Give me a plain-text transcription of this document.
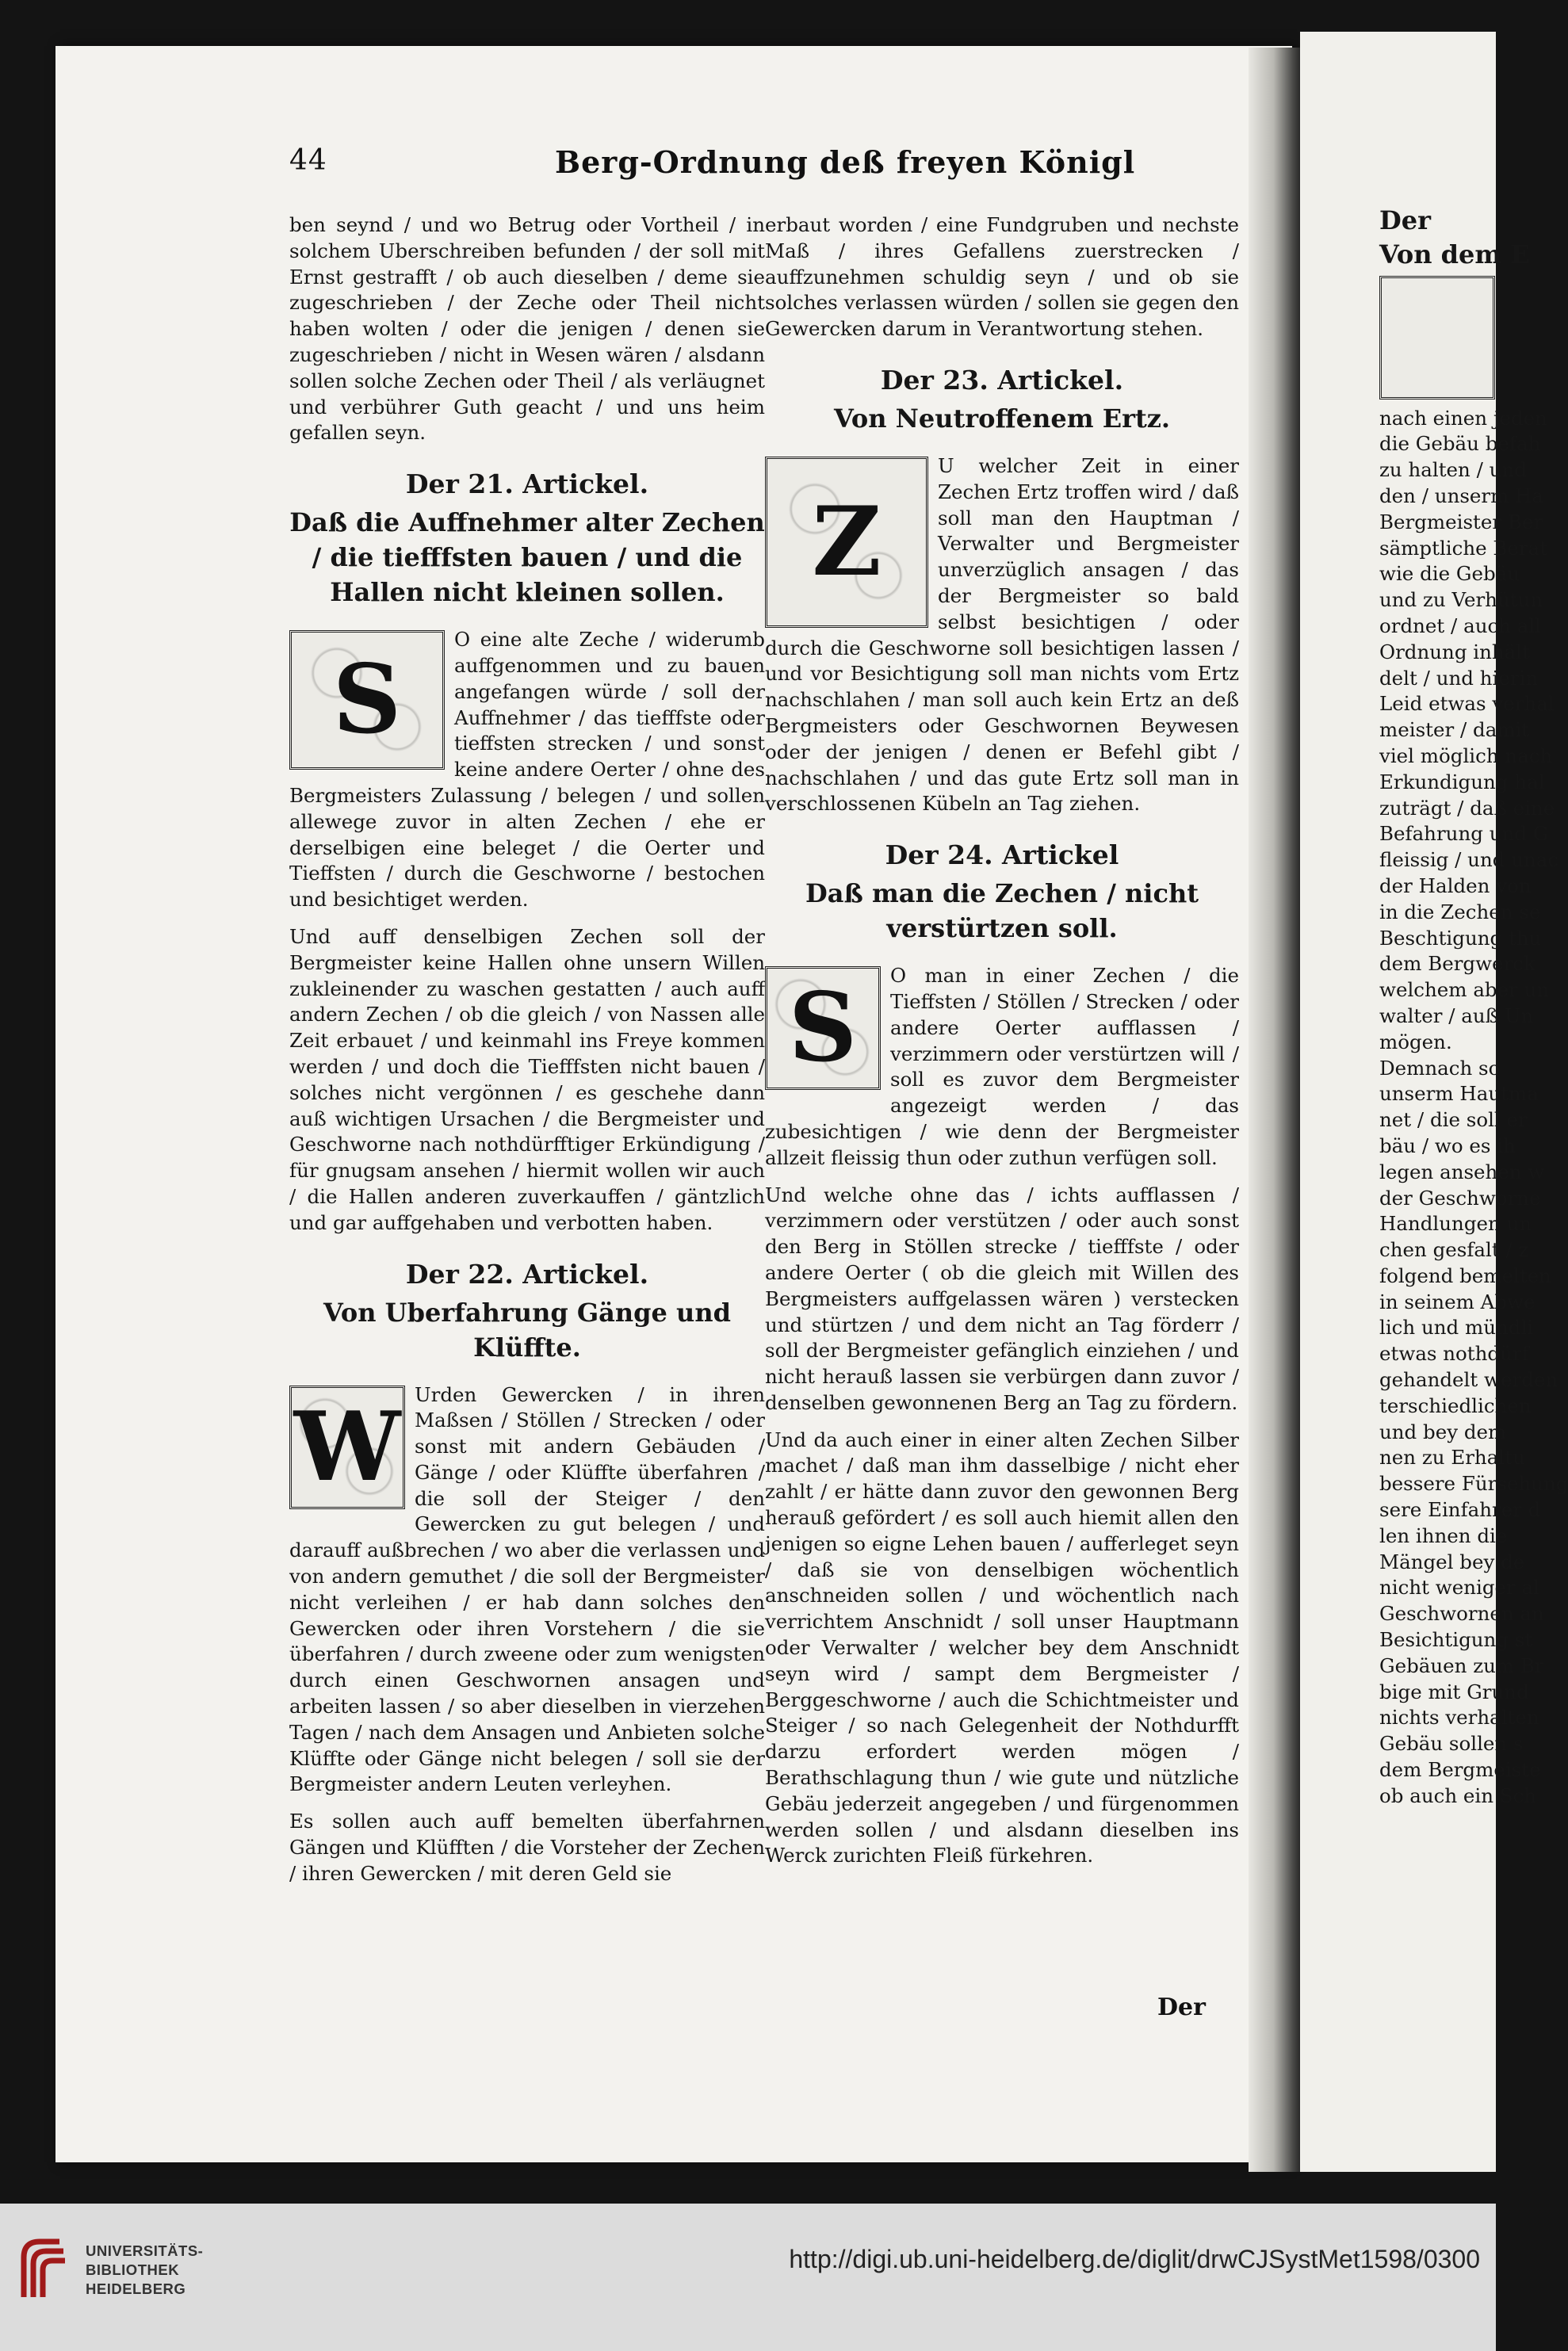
44	Berg-Ordnung deß freyen Königl

ben seynd / und wo Betrug oder Vortheil / in solchem Uberschreiben befunden / der soll mit Ernst gestrafft / ob auch dieselben / deme sie zugeschrieben / der Zeche oder Theil nicht haben wolten / oder die jenigen / denen sie zugeschrieben / nicht in Wesen wären / alsdann sollen solche Zechen oder Theil / als verläugnet und verbührer Guth geacht / und uns heim gefallen seyn.

Der 21. Artickel.
Daß die Auffnehmer alter Zechen / die tiefffsten bauen / und die Hallen nicht kleinen sollen.
S

O eine alte Zeche / widerumb auffgenommen und zu bauen angefangen würde / soll der Auffnehmer / das tiefffste oder tieffsten strecken / und sonst keine andere Oerter / ohne des Bergmeisters Zulassung / belegen / und sollen allewege zuvor in alten Zechen / ehe er derselbigen eine beleget / die Oerter und Tieffsten / durch die Geschworne / bestochen und besichtiget werden.

Und auff denselbigen Zechen soll der Bergmeister keine Hallen ohne unsern Willen zukleinender zu waschen gestatten / auch auff andern Zechen / ob die gleich / von Nassen alle Zeit erbauet / und keinmahl ins Freye kommen werden / und doch die Tiefffsten nicht bauen / solches nicht vergönnen / es geschehe dann auß wichtigen Ursachen / die Bergmeister und Geschworne nach nothdürfftiger Erkündigung / für gnugsam ansehen / hiermit wollen wir auch / die Hallen anderen zuverkauffen / gäntzlich und gar auffgehaben und verbotten haben.

Der 22. Artickel.
Von Uberfahrung Gänge und Klüffte.
W Urden Gewercken / in ihren Maßsen / Stöllen / Strecken / oder sonst mit andern Gebäuden / Gänge / oder Klüffte überfahren / die soll der Steiger / den Gewercken zu gut belegen / und darauff außbrechen / wo aber die verlassen und von andern gemuthet / die soll der Bergmeister nicht verleihen / er hab dann solches den Gewercken oder ihren Vorstehern / die sie überfahren / durch zweene oder zum wenigsten durch einen Geschwornen ansagen und arbeiten lassen / so aber dieselben in vierzehen Tagen / nach dem Ansagen und Anbieten solche Klüffte oder Gänge nicht belegen / soll sie der Bergmeister andern Leuten verleyhen.

Es sollen auch auff bemelten überfahrnen Gängen und Klüfften / die Vorsteher der Zechen / ihren Gewercken / mit deren Geld sie

erbaut worden / eine Fundgruben und nechste Maß / ihres Gefallens zuerstrecken / auffzunehmen schuldig seyn / und ob sie solches verlassen würden / sollen sie gegen den Gewercken darum in Verantwortung stehen.

Der 23. Artickel.
Von Neutroffenem Ertz.
Z

U welcher Zeit in einer Zechen Ertz troffen wird / daß soll man den Hauptman / Verwalter und Bergmeister unverzüglich ansagen / das der Bergmeister so bald selbst besichtigen / oder durch die Geschworne soll besichtigen lassen / und vor Besichtigung soll man nichts vom Ertz nachschlahen / man soll auch kein Ertz an deß Bergmeisters oder Geschwornen Beywesen oder der jenigen / denen er Befehl gibt / nachschlahen / und das gute Ertz soll man in verschlossenen Kübeln an Tag ziehen.

Der 24. Artickel
Daß man die Zechen / nicht verstürtzen soll.
S	O man in einer Zechen / die Tieffsten / Stöllen / Strecken / oder andere Oerter aufflassen / verzimmern oder verstürtzen will / soll es zuvor dem Bergmeister angezeigt werden / das zubesichtigen / wie denn der Bergmeister allzeit fleissig thun oder zuthun verfügen soll.

Und welche ohne das / ichts aufflassen / verzimmern oder verstützen / oder auch sonst den Berg in Stöllen strecke / tiefffste / oder andere Oerter ( ob die gleich mit Willen des Bergmeisters auffgelassen wären ) verstecken und stürtzen / und dem nicht an Tag förderr / soll der Bergmeister gefänglich einziehen / und nicht herauß lassen sie verbürgen dann zuvor / denselben gewonnenen Berg an Tag zu fördern.

Und da auch einer in einer alten Zechen Silber machet / daß man ihm dasselbige / nicht eher zahlt / er hätte dann zuvor den gewonnen Berg herauß gefördert / es soll auch hiemit allen den jenigen so eigne Lehen bauen / aufferleget seyn / daß sie von denselbigen wöchentlich anschneiden sollen / und wöchentlich nach verrichtem Anschnidt / soll unser Hauptmann oder Verwalter / welcher bey dem Anschnidt seyn wird / sampt dem Bergmeister / Berggeschworne / auch die Schichtmeister und Steiger / so nach Gelegenheit der Nothdurfft darzu erfordert werden mögen / Berathschlagung thun / wie gute und nützliche Gebäu jederzeit angegeben / und fürgenommen werden sollen / und alsdann dieselben ins Werck zurichten Fleiß fürkehren.

Der
Der
Von dem E
nach einen jeden
die Gebäu befah
zu halten / und
den / unserm Ha
Bergmeister Ber
sämptliche Berat
wie die Gebäu
und zu Verhütun
ordnet / auch all
Ordnung inhält
delt / und hierin
Leid etwas verhal
meister / damit
viel möglich nach
Erkundigung hal
zuträgt / daß eine
Befahrung und G
fleissig / und unac
der Halden von
in die Zechen se
Beschtigung thu
dem Bergwerck
welchem aber un
walter / auß Un
mögen.
Demnach so
unserm Hautma
net / die soll er
bäu / wo es ih
legen ansehen w
der Geschworne
Handlungen un
chen gesfalt / z
folgend bemelten
in seinem Abwe
lich und mündli
etwas nothdürf
gehandelt werden
terschiedlichen
und bey dem
nen zu Erhaltu
bessere Fürsehung
sere Einfahrer d
len ihnen die
Mängel bey de
nicht weniger al
Geschwornen an
Besichtigung st
Gebäuen zum Br
bige mit Grund
nichts verhalten
Gebäu sollen s
dem Bergmeiste
ob auch ein Sch
UNIVERSITÄTS-
BIBLIOTHEK
HEIDELBERG
http://digi.ub.uni-heidelberg.de/diglit/drwCJSystMet1598/0300
